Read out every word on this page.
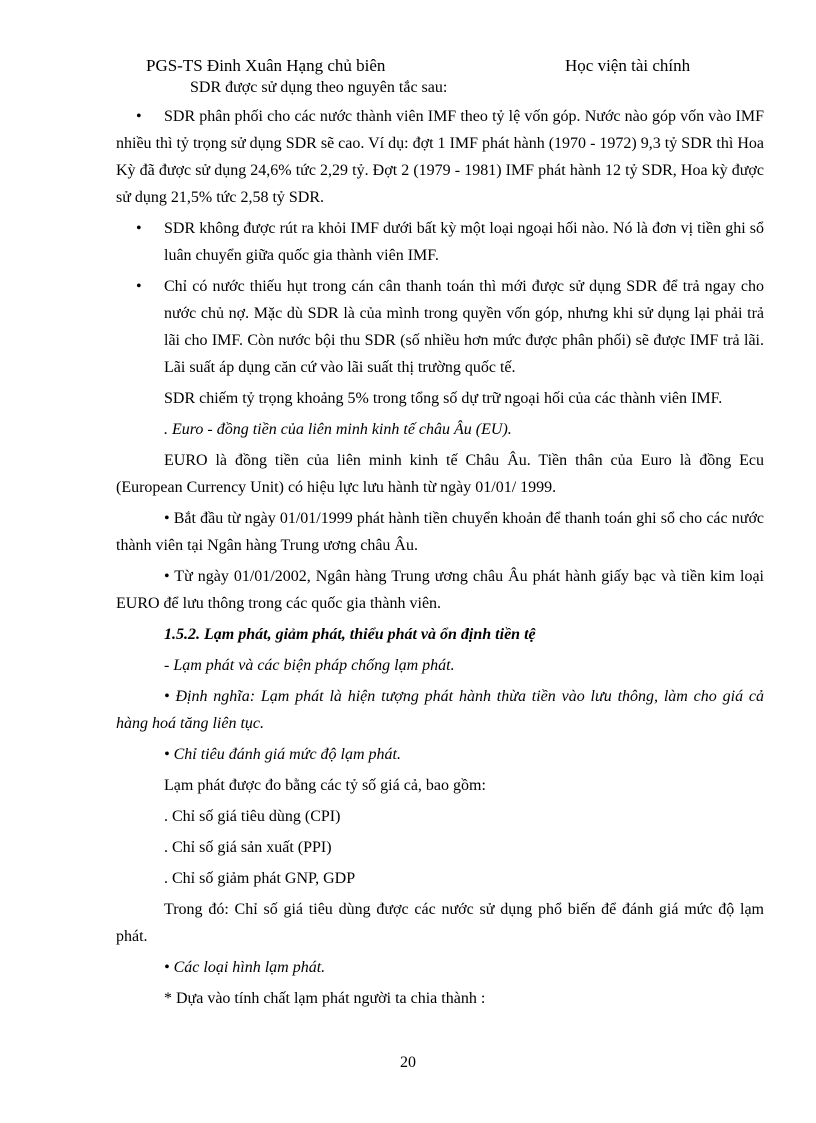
PGS-TS Đinh Xuân Hạng chủ biên	Học viện tài chính

SDR được sử dụng theo nguyên tắc sau:

• SDR phân phối cho các nước thành viên IMF theo tỷ lệ vốn góp. Nước nào góp vốn vào IMF nhiều thì tỷ trọng sử dụng SDR sẽ cao. Ví dụ: đợt 1 IMF phát hành (1970 - 1972) 9,3 tỷ SDR thì Hoa Kỳ đã được sử dụng 24,6% tức 2,29 tỷ. Đợt 2 (1979 - 1981) IMF phát hành 12 tỷ SDR, Hoa kỳ được sử dụng 21,5% tức 2,58 tỷ SDR.
• SDR không được rút ra khỏi IMF dưới bất kỳ một loại ngoại hối nào. Nó là đơn vị tiền ghi sổ luân chuyển giữa quốc gia thành viên IMF.
• Chỉ có nước thiếu hụt trong cán cân thanh toán thì mới được sử dụng SDR để trả ngay cho nước chủ nợ. Mặc dù SDR là của mình trong quyền vốn góp, nhưng khi sử dụng lại phải trả lãi cho IMF. Còn nước bội thu SDR (số nhiều hơn mức được phân phối) sẽ được IMF trả lãi. Lãi suất áp dụng căn cứ vào lãi suất thị trường quốc tế.

SDR chiếm tỷ trọng khoảng 5% trong tổng số dự trữ ngoại hối của các thành viên IMF.

. Euro - đồng tiền của liên minh kinh tế châu Âu (EU).

EURO là đồng tiền của liên minh kinh tế Châu Âu. Tiền thân của Euro là đồng Ecu (European Currency Unit) có hiệu lực lưu hành từ ngày 01/01/ 1999.

• Bắt đầu từ ngày 01/01/1999 phát hành tiền chuyển khoản để thanh toán ghi sổ cho các nước thành viên tại Ngân hàng Trung ương châu Âu.

• Từ ngày 01/01/2002, Ngân hàng Trung ương châu Âu phát hành giấy bạc và tiền kim loại EURO để lưu thông trong các quốc gia thành viên.

1.5.2. Lạm phát, giảm phát, thiểu phát và ổn định tiền tệ

- Lạm phát và các biện pháp chống lạm phát.

• Định nghĩa: Lạm phát là hiện tượng phát hành thừa tiền vào lưu thông, làm cho giá cả hàng hoá tăng liên tục.

• Chỉ tiêu đánh giá mức độ lạm phát.

Lạm phát được đo bằng các tỷ số giá cả, bao gồm:

. Chỉ số giá tiêu dùng (CPI)

. Chỉ số giá sản xuất (PPI)

. Chỉ số giảm phát GNP, GDP

Trong đó: Chỉ số giá tiêu dùng được các nước sử dụng phổ biến để đánh giá mức độ lạm phát.

• Các loại hình lạm phát.

* Dựa vào tính chất lạm phát người ta chia thành :

20
